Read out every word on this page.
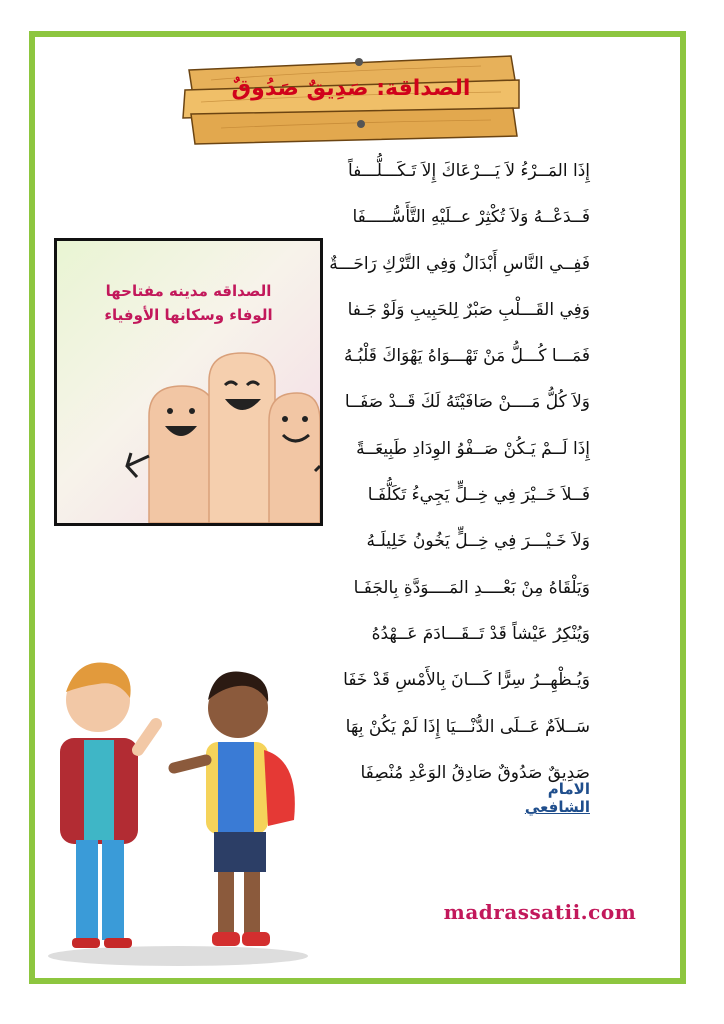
الصداقة: صَدِيقٌ صَدُوقٌ
إِذَا المَــرْءُ لاَ يَـــرْعَاكَ إِلاَ تَـكَـــلُّـــفاً
فَــدَعْــهُ وَلاَ تُكْثِرْ عــلَيْهِ التَّأَسُّـــــفَا
فَفِــي النَّاسِ أَبْدَالٌ وَفِي التَّرْكِ رَاحَـــةٌ
وَفِي القَـــلْبِ صَبْرٌ لِلحَبِيبِ وَلَوْ جَـفا
فَمَـــا كُـــلُّ مَنْ تَهْـــوَاهُ يَهْوَاكَ قَلْبُـهُ
وَلاَ كُلُّ مَــــنْ صَافَيْتَهُ لَكَ قَــدْ صَفَــا
إِذَا لَــمْ يَـكُنْ صَــفْوُ الوِدَادِ طَبِيعَــةً
فَــلاَ خَــيْرَ فِي خِــلٍّ يَجِيءُ تَكَلُّفَـا
وَلاَ خَـيْـــرَ فِي خِــلٍّ يَخُونُ خَلِيلَـهُ
وَيَلْقَاهُ مِنْ بَعْــــدِ المَــــوَدَّةِ بِالجَفَـا
وَيُنْكِرُ عَيْشاً قَدْ تَــقَـــادَمَ عَــهْدُهُ
وَيُـظْهِــرُ سِرًّا كَـــانَ بِالأَمْسِ قَدْ خَفَا
سَــلاَمٌ عَــلَى الدُّنْـــيَا إِذَا لَمْ يَكُنْ بِهَا
صَدِيقٌ صَدُوقٌ صَادِقُ الوَعْدِ مُنْصِفَا
الامام الشافعي
الصداقه مدينه مفتاحها
الوفاء وسكانها الأوفياء
madrassatii.com
